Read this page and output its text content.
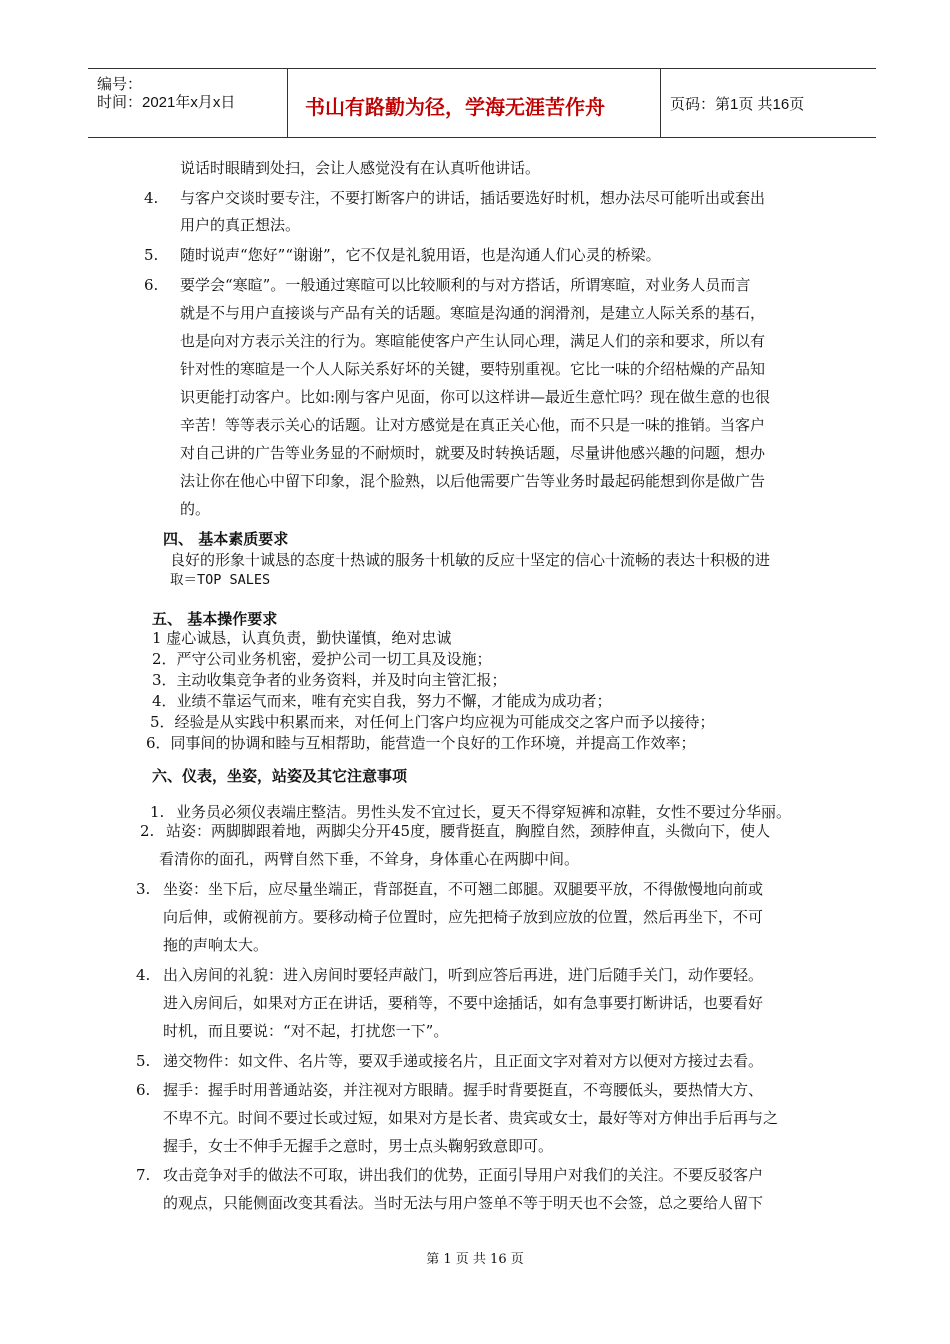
编号：
时间：2021年x月x日	书山有路勤为径，学海无涯苦作舟	页码：第1页 共16页
说话时眼睛到处扫，会让人感觉没有在认真听他讲话。
4. 与客户交谈时要专注，不要打断客户的讲话，插话要选好时机，想办法尽可能听出或套出
用户的真正想法。
5. 随时说声“您好”“谢谢”，它不仅是礼貌用语，也是沟通人们心灵的桥梁。
6. 要学会“寒暄”。一般通过寒暄可以比较顺利的与对方搭话，所谓寒暄，对业务人员而言
就是不与用户直接谈与产品有关的话题。寒暄是沟通的润滑剂，是建立人际关系的基石，
也是向对方表示关注的行为。寒暄能使客户产生认同心理，满足人们的亲和要求，所以有
针对性的寒暄是一个人人际关系好坏的关键，要特别重视。它比一味的介绍枯燥的产品知
识更能打动客户。比如:刚与客户见面，你可以这样讲—最近生意忙吗？现在做生意的也很
辛苦！等等表示关心的话题。让对方感觉是在真正关心他，而不只是一味的推销。当客户
对自己讲的广告等业务显的不耐烦时，就要及时转换话题，尽量讲他感兴趣的问题，想办
法让你在他心中留下印象，混个脸熟，以后他需要广告等业务时最起码能想到你是做广告
的。
四、 基本素质要求
良好的形象十诚恳的态度十热诚的服务十机敏的反应十坚定的信心十流畅的表达十积极的进
取＝TOP SALES
五、 基本操作要求
1 虚心诚恳，认真负责，勤快谨慎，绝对忠诚
2．严守公司业务机密，爱护公司一切工具及设施；
3．主动收集竞争者的业务资料，并及时向主管汇报；
4．业绩不靠运气而来，唯有充实自我，努力不懈，才能成为成功者；
5．经验是从实践中积累而来，对任何上门客户均应视为可能成交之客户而予以接待；
6．同事间的协调和睦与互相帮助，能营造一个良好的工作环境，并提高工作效率；
六、仪表，坐姿，站姿及其它注意事项
1. 业务员必须仪表端庄整洁。男性头发不宜过长，夏天不得穿短裤和凉鞋，女性不要过分华丽。
2. 站姿：两脚脚跟着地，两脚尖分开45度，腰背挺直，胸膛自然，颈脖伸直，头微向下，使人
看清你的面孔，两臂自然下垂，不耸身，身体重心在两脚中间。
3. 坐姿：坐下后，应尽量坐端正，背部挺直，不可翘二郎腿。双腿要平放，不得傲慢地向前或
向后伸，或俯视前方。要移动椅子位置时，应先把椅子放到应放的位置，然后再坐下，不可
拖的声响太大。
4. 出入房间的礼貌：进入房间时要轻声敲门，听到应答后再进，进门后随手关门，动作要轻。
进入房间后，如果对方正在讲话，要稍等，不要中途插话，如有急事要打断讲话，也要看好
时机，而且要说：“对不起，打扰您一下”。
5. 递交物件：如文件、名片等，要双手递或接名片，且正面文字对着对方以便对方接过去看。
6. 握手：握手时用普通站姿，并注视对方眼睛。握手时背要挺直，不弯腰低头，要热情大方、
不卑不亢。时间不要过长或过短，如果对方是长者、贵宾或女士，最好等对方伸出手后再与之
握手，女士不伸手无握手之意时，男士点头鞠躬致意即可。
7. 攻击竞争对手的做法不可取，讲出我们的优势，正面引导用户对我们的关注。不要反驳客户
的观点，只能侧面改变其看法。当时无法与用户签单不等于明天也不会签，总之要给人留下
第 1 页 共 16 页
